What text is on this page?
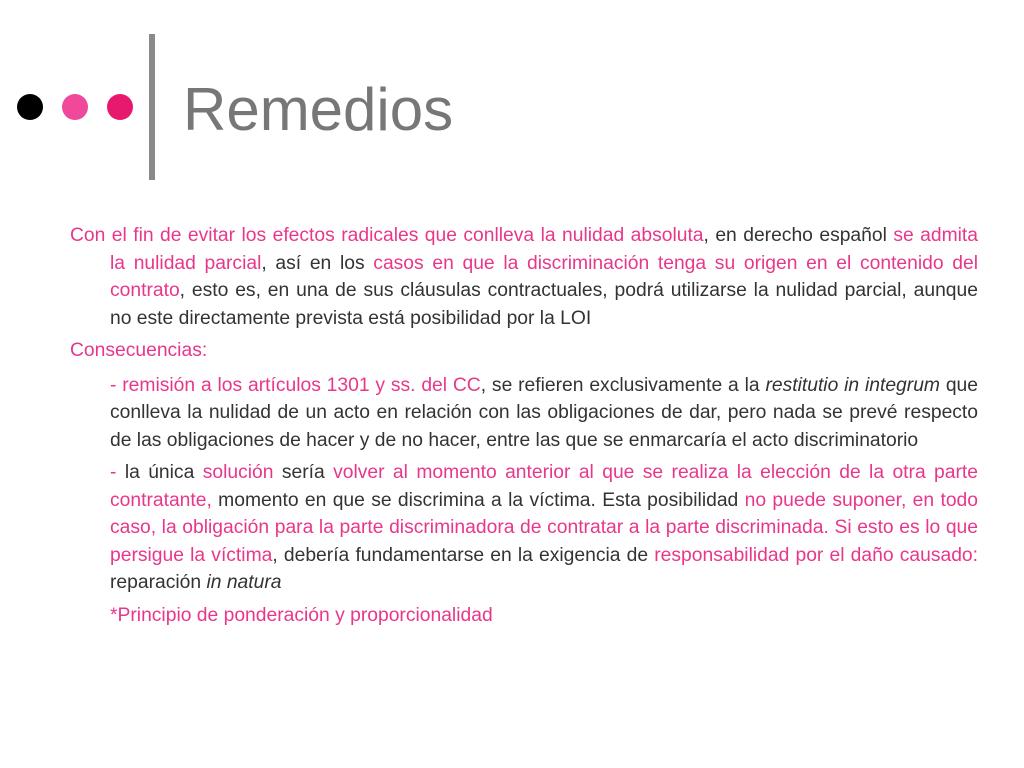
Remedios

Con el fin de evitar los efectos radicales que conlleva la nulidad absoluta, en derecho español se admita la nulidad parcial, así en los casos en que la discriminación tenga su origen en el contenido del contrato, esto es, en una de sus cláusulas contractuales, podrá utilizarse la nulidad parcial, aunque no este directamente prevista está posibilidad por la LOI

Consecuencias:

- remisión a los artículos 1301 y ss. del CC, se refieren exclusivamente a la restitutio in integrum que conlleva la nulidad de un acto en relación con las obligaciones de dar, pero nada se prevé respecto de las obligaciones de hacer y de no hacer, entre las que se enmarcaría el acto discriminatorio

- la única solución sería volver al momento anterior al que se realiza la elección de la otra parte contratante, momento en que se discrimina a la víctima. Esta posibilidad no puede suponer, en todo caso, la obligación para la parte discriminadora de contratar a la parte discriminada. Si esto es lo que persigue la víctima, debería fundamentarse en la exigencia de responsabilidad por el daño causado: reparación in natura

*Principio de ponderación y proporcionalidad
